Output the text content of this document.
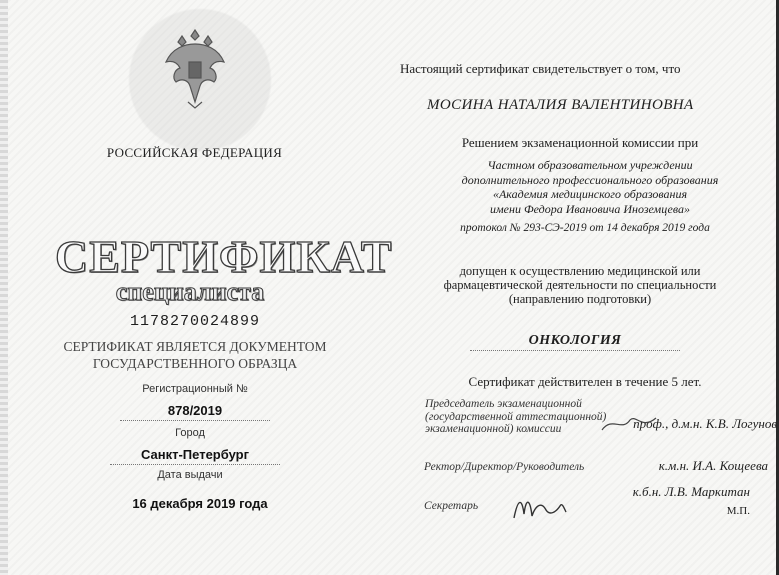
РОССИЙСКАЯ ФЕДЕРАЦИЯ
СЕРТИФИКАТ
специалиста
1178270024899
СЕРТИФИКАТ ЯВЛЯЕТСЯ ДОКУМЕНТОМ ГОСУДАРСТВЕННОГО ОБРАЗЦА
Регистрационный №
878/2019
Город
Санкт-Петербург
Дата выдачи
16 декабря 2019 года
Настоящий сертификат свидетельствует о том, что
МОСИНА НАТАЛИЯ ВАЛЕНТИНОВНА
Решением экзаменационной комиссии при
Частном образовательном учреждении
дополнительного профессионального образования
«Академия медицинского образования
имени Федора Ивановича Иноземцева»
протокол № 293-СЭ-2019 от 14 декабря 2019 года
допущен к осуществлению медицинской или
фармацевтической деятельности по специальности
(направлению подготовки)
ОНКОЛОГИЯ
Сертификат действителен в течение 5 лет.
Председатель экзаменационной
(государственной аттестационной)
экзаменационной) комиссии	проф., д.м.н. К.В. Логунов
Ректор/Директор/Руководитель	к.м.н. И.А. Кощеева
Секретарь
к.б.н. Л.В. Маркитан
М.П.
